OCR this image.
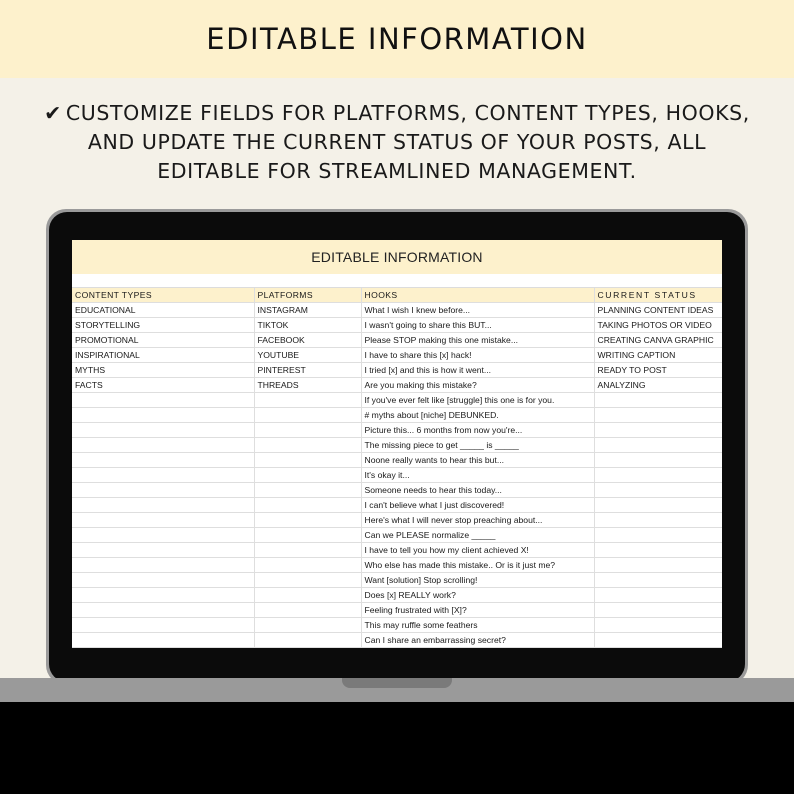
EDITABLE INFORMATION
✔ CUSTOMIZE FIELDS FOR PLATFORMS, CONTENT TYPES, HOOKS, AND UPDATE THE CURRENT STATUS OF YOUR POSTS, ALL EDITABLE FOR STREAMLINED MANAGEMENT.
EDITABLE INFORMATION
CONTENT TYPES	PLATFORMS	HOOKS	CURRENT STATUS
EDUCATIONAL	INSTAGRAM	What I wish I knew before...	PLANNING CONTENT IDEAS
STORYTELLING	TIKTOK	I wasn't going to share this BUT...	TAKING PHOTOS OR VIDEO
PROMOTIONAL	FACEBOOK	Please STOP making this one mistake...	CREATING CANVA GRAPHIC
INSPIRATIONAL	YOUTUBE	I have to share this [x] hack!	WRITING CAPTION
MYTHS	PINTEREST	I tried [x] and this is how it went...	READY TO POST
FACTS	THREADS	Are you making this mistake?	ANALYZING
		If you've ever felt like [struggle] this one is for you.	
		# myths about [niche] DEBUNKED.	
		Picture this... 6 months from now you're...	
		The missing piece to get _____ is _____	
		Noone really wants to hear this but...	
		It's okay it...	
		Someone needs to hear this today...	
		I can't believe what I just discovered!	
		Here's what I will never stop preaching about...	
		Can we PLEASE normalize _____	
		I have to tell you how my client achieved X!	
		Who else has made this mistake.. Or is it just me?	
		Want [solution] Stop scrolling!	
		Does [x] REALLY work?	
		Feeling frustrated with [X]?	
		This may ruffle some feathers	
		Can I share an embarrassing secret?	
